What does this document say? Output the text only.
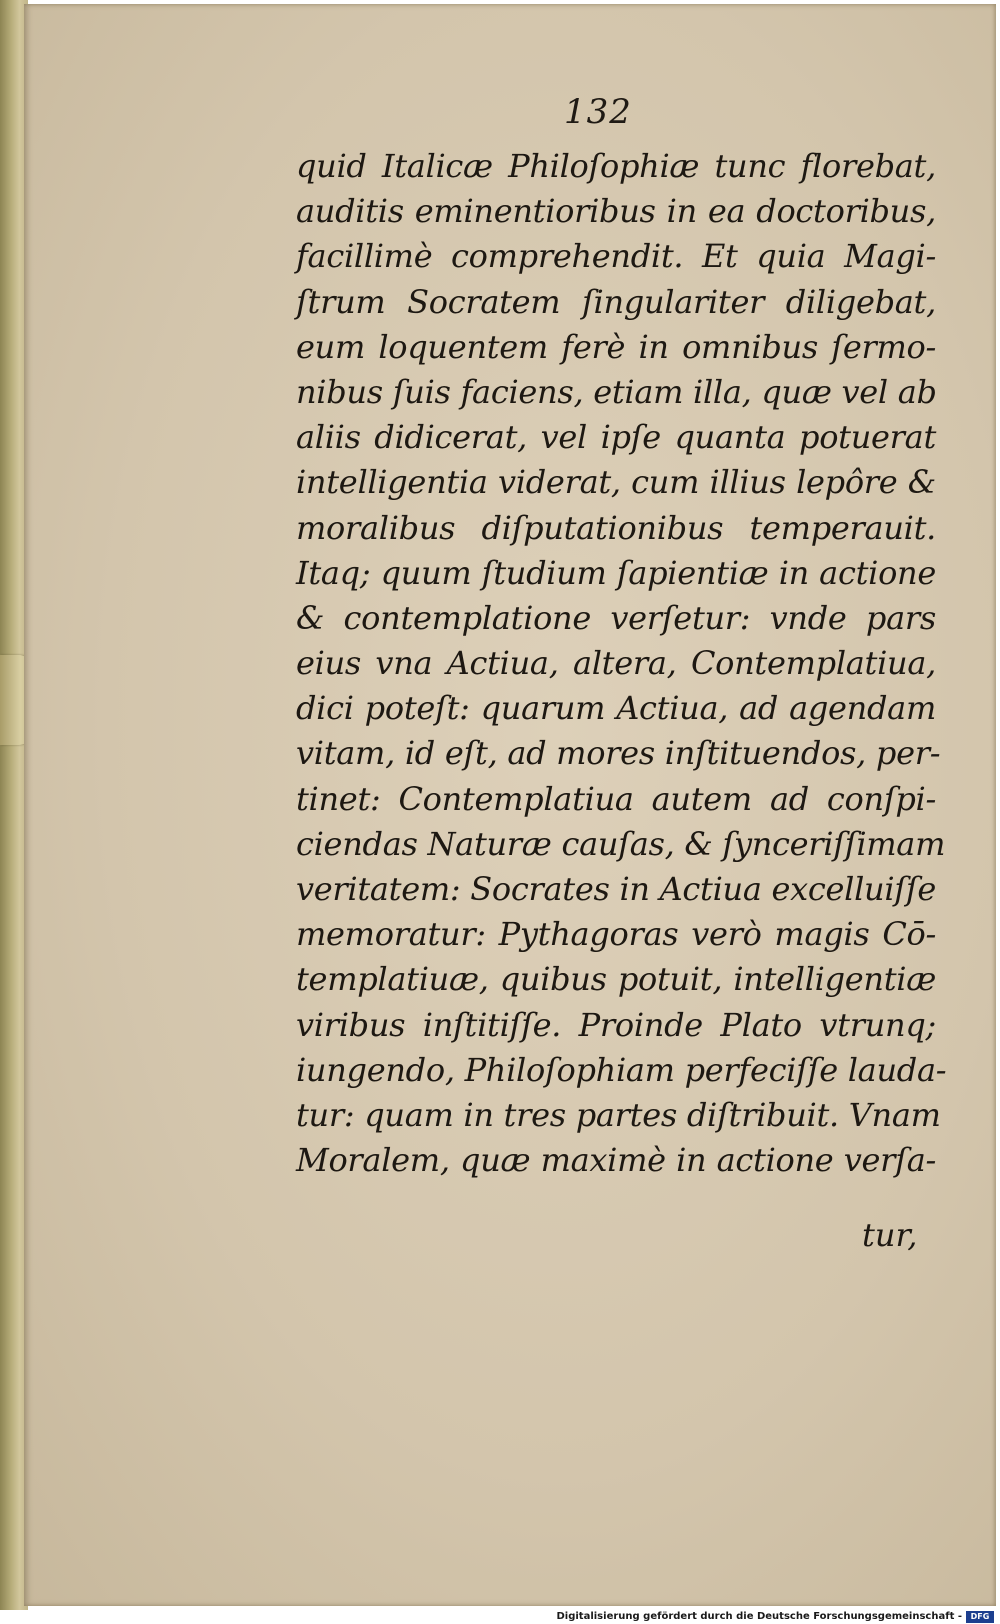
132
quid Italicæ Philoſophiæ tunc florebat,
auditis eminentioribus in ea doctoribus,
facillimè comprehendit. Et quia Magi-
ſtrum Socratem ſingulariter diligebat,
eum loquentem ferè in omnibus ſermo-
nibus ſuis faciens, etiam illa, quæ vel ab
aliis didicerat, vel ipſe quanta potuerat
intelligentia viderat, cum illius lepôre &
moralibus diſputationibus temperauit.
Itaq; quum ſtudium ſapientiæ in actione
& contemplatione verſetur: vnde pars
eius vna Actiua, altera, Contemplatiua,
dici poteſt: quarum Actiua, ad agendam
vitam, id eſt, ad mores inſtituendos, per-
tinet: Contemplatiua autem ad conſpi-
ciendas Naturæ cauſas, & ſynceriſſimam
veritatem: Socrates in Actiua excelluiſſe
memoratur: Pythagoras verò magis Cō-
templatiuæ, quibus potuit, intelligentiæ
viribus inſtitiſſe. Proinde Plato vtrunq;
iungendo, Philoſophiam perfeciſſe lauda-
tur: quam in tres partes diſtribuit. Vnam
Moralem, quæ maximè in actione verſa-
tur,
Digitalisierung gefördert durch die Deutsche Forschungsgemeinschaft -	DFG
